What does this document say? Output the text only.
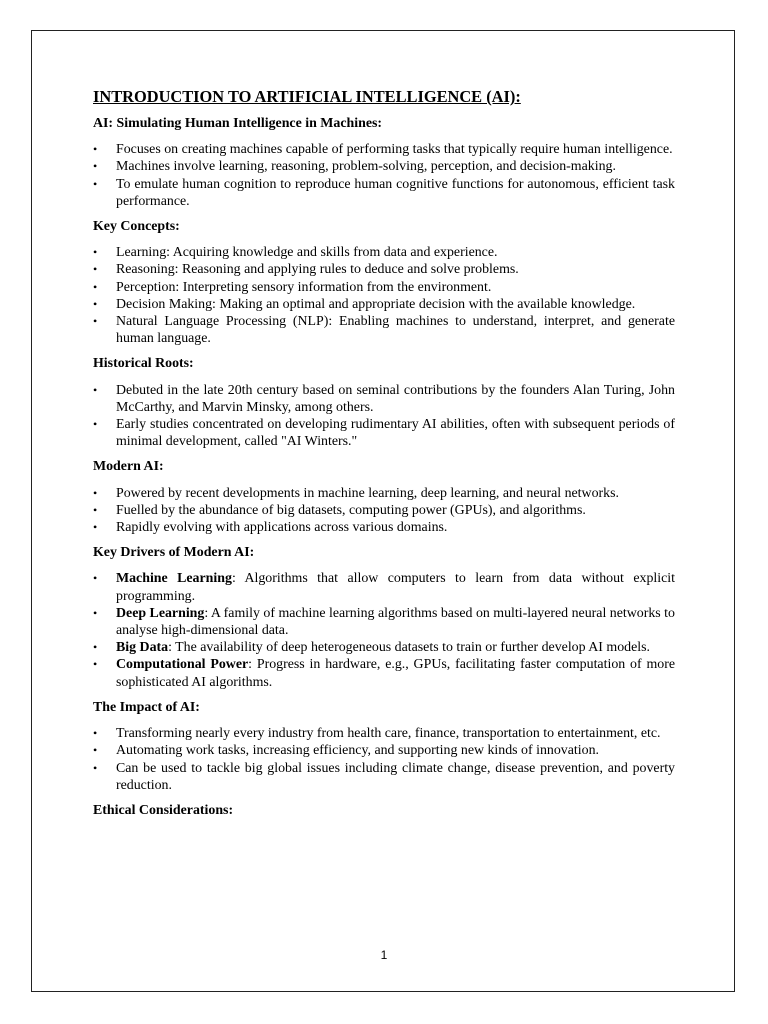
INTRODUCTION TO ARTIFICIAL INTELLIGENCE (AI):
AI: Simulating Human Intelligence in Machines:
• Focuses on creating machines capable of performing tasks that typically require human intelligence.
• Machines involve learning, reasoning, problem-solving, perception, and decision-making.
• To emulate human cognition to reproduce human cognitive functions for autonomous, efficient task performance.
Key Concepts:
• Learning: Acquiring knowledge and skills from data and experience.
• Reasoning: Reasoning and applying rules to deduce and solve problems.
• Perception: Interpreting sensory information from the environment.
• Decision Making: Making an optimal and appropriate decision with the available knowledge.
• Natural Language Processing (NLP): Enabling machines to understand, interpret, and generate human language.
Historical Roots:
• Debuted in the late 20th century based on seminal contributions by the founders Alan Turing, John McCarthy, and Marvin Minsky, among others.
• Early studies concentrated on developing rudimentary AI abilities, often with subsequent periods of minimal development, called "AI Winters."
Modern AI:
• Powered by recent developments in machine learning, deep learning, and neural networks.
• Fuelled by the abundance of big datasets, computing power (GPUs), and algorithms.
• Rapidly evolving with applications across various domains.
Key Drivers of Modern AI:
• Machine Learning: Algorithms that allow computers to learn from data without explicit programming.
• Deep Learning: A family of machine learning algorithms based on multi-layered neural networks to analyse high-dimensional data.
• Big Data: The availability of deep heterogeneous datasets to train or further develop AI models.
• Computational Power: Progress in hardware, e.g., GPUs, facilitating faster computation of more sophisticated AI algorithms.
The Impact of AI:
• Transforming nearly every industry from health care, finance, transportation to entertainment, etc.
• Automating work tasks, increasing efficiency, and supporting new kinds of innovation.
• Can be used to tackle big global issues including climate change, disease prevention, and poverty reduction.
Ethical Considerations:
1
